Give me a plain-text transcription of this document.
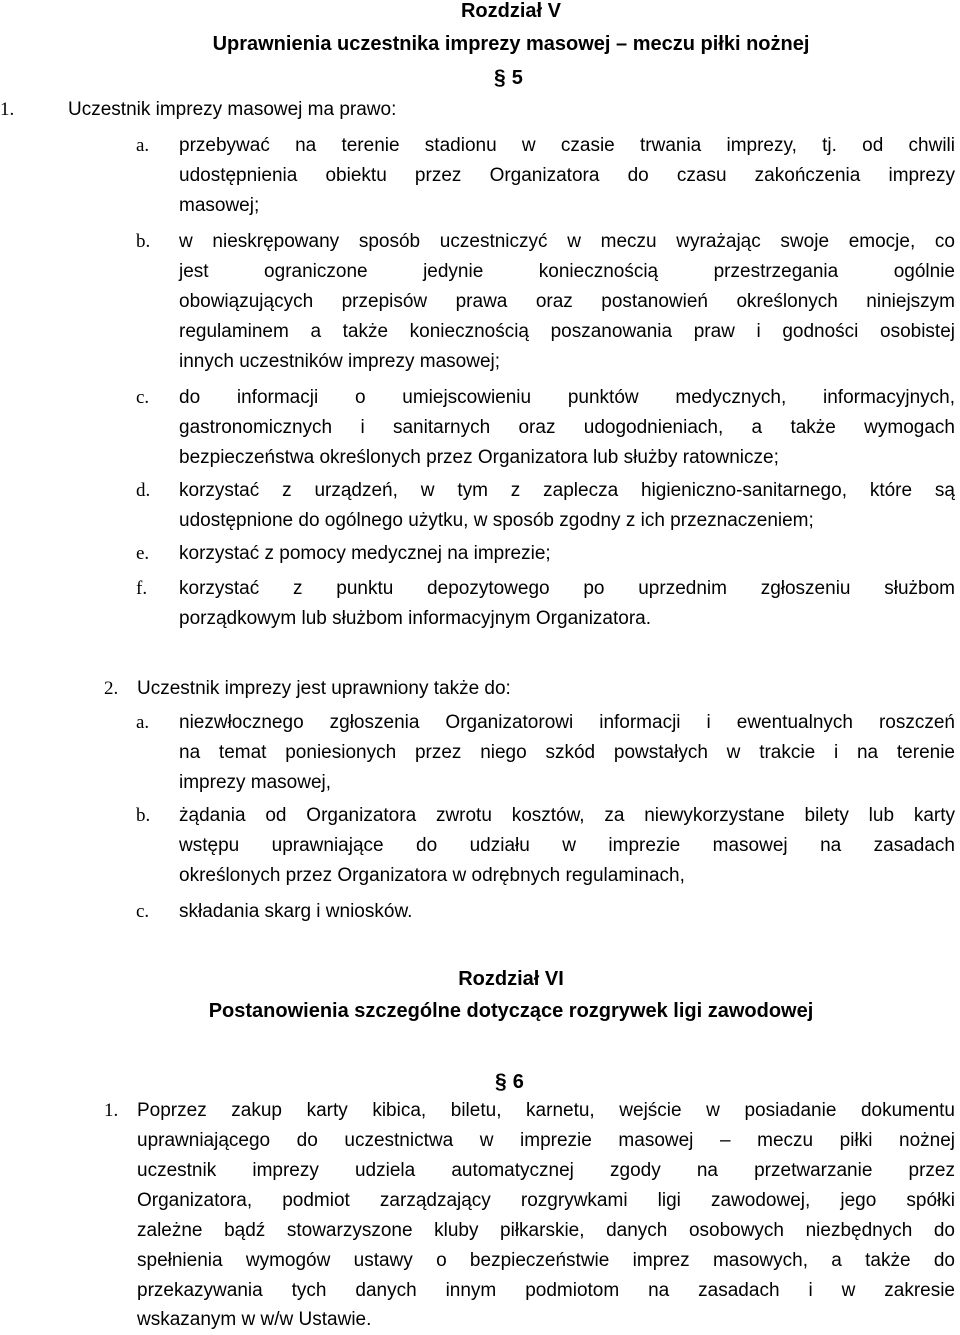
Rozdział V
Uprawnienia uczestnika imprezy masowej – meczu piłki nożnej
§ 5
1.	Uczestnik imprezy masowej ma prawo:
a. przebywać na terenie stadionu w czasie trwania imprezy, tj. od chwili
udostępnienia obiektu przez Organizatora do czasu zakończenia imprezy
masowej;
b. w nieskrępowany sposób uczestniczyć w meczu wyrażając swoje emocje, co
jest ograniczone jedynie koniecznością przestrzegania ogólnie
obowiązujących przepisów prawa oraz postanowień określonych niniejszym
regulaminem a także koniecznością poszanowania praw i godności osobistej
innych uczestników imprezy masowej;
c. do informacji o umiejscowieniu punktów medycznych, informacyjnych,
gastronomicznych i sanitarnych oraz udogodnieniach, a także wymogach
bezpieczeństwa określonych przez Organizatora lub służby ratownicze;
d. korzystać z urządzeń, w tym z zaplecza higieniczno-sanitarnego, które są
udostępnione do ogólnego użytku, w sposób zgodny z ich przeznaczeniem;
e. korzystać z pomocy medycznej na imprezie;
f. korzystać z punktu depozytowego po uprzednim zgłoszeniu służbom
porządkowym lub służbom informacyjnym Organizatora.
2. Uczestnik imprezy jest uprawniony także do:
a. niezwłocznego zgłoszenia Organizatorowi informacji i ewentualnych roszczeń
na temat poniesionych przez niego szkód powstałych w trakcie i na terenie
imprezy masowej,
b. żądania od Organizatora zwrotu kosztów, za niewykorzystane bilety lub karty
wstępu uprawniające do udziału w imprezie masowej na zasadach
określonych przez Organizatora w odrębnych regulaminach,
c. składania skarg i wniosków.
Rozdział VI
Postanowienia szczególne dotyczące rozgrywek ligi zawodowej
§ 6
1. Poprzez zakup karty kibica, biletu, karnetu, wejście w posiadanie dokumentu
uprawniającego do uczestnictwa w imprezie masowej – meczu piłki nożnej
uczestnik imprezy udziela automatycznej zgody na przetwarzanie przez
Organizatora, podmiot zarządzający rozgrywkami ligi zawodowej, jego spółki
zależne bądź stowarzyszone kluby piłkarskie, danych osobowych niezbędnych do
spełnienia wymogów ustawy o bezpieczeństwie imprez masowych, a także do
przekazywania tych danych innym podmiotom na zasadach i w zakresie
wskazanym w w/w Ustawie.
